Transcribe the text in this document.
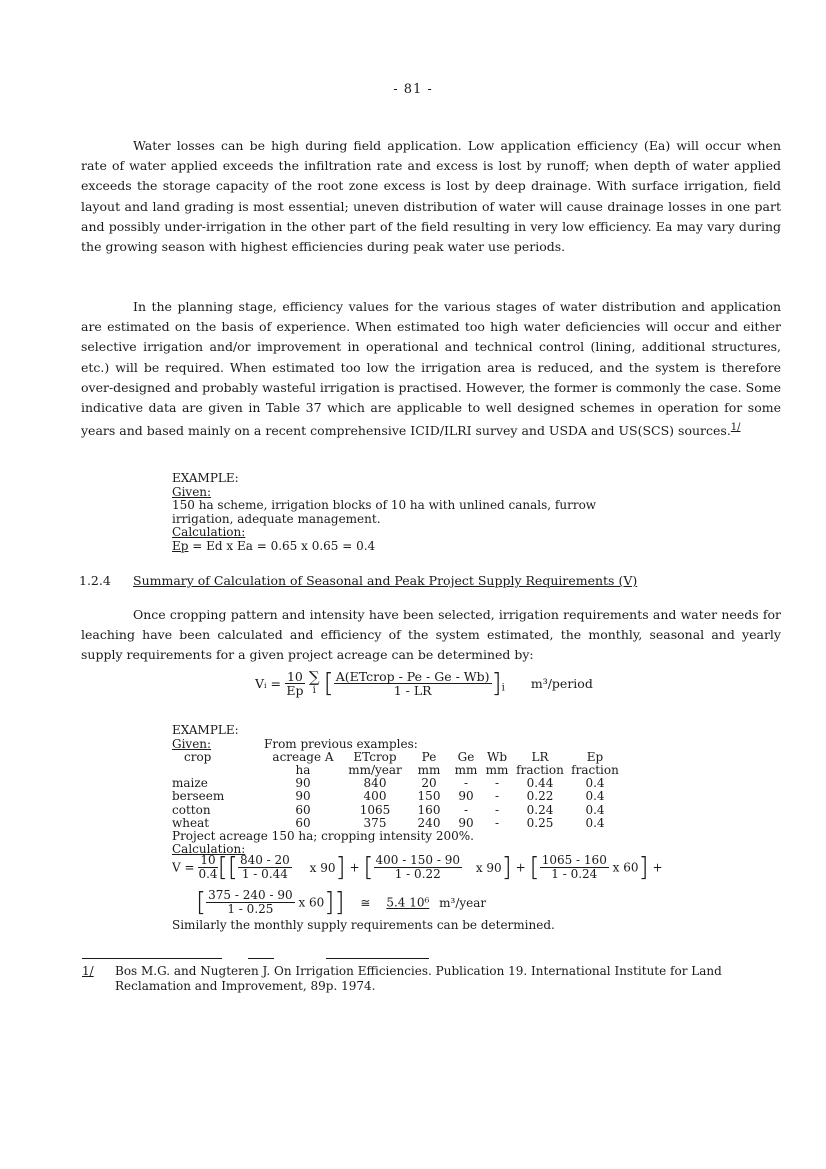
- 81 -

Water losses can be high during field application. Low application efficiency (Ea) will occur when rate of water applied exceeds the infiltration rate and excess is lost by runoff; when depth of water applied exceeds the storage capacity of the root zone excess is lost by deep drainage. With surface irrigation, field layout and land grading is most essential; uneven distribution of water will cause drainage losses in one part and possibly under-irrigation in the other part of the field resulting in very low efficiency. Ea may vary during the growing season with highest efficiencies during peak water use periods.

In the planning stage, efficiency values for the various stages of water distribution and application are estimated on the basis of experience. When estimated too high water deficiencies will occur and either selective irrigation and/or improvement in operational and technical control (lining, additional structures, etc.) will be required. When estimated too low the irrigation area is reduced, and the system is therefore over-designed and probably wasteful irrigation is practised. However, the former is commonly the case. Some indicative data are given in Table 37 which are applicable to well designed schemes in operation for some years and based mainly on a recent comprehensive ICID/ILRI survey and USDA and US(SCS) sources.$^{1/}$

EXAMPLE:
Given:
150 ha scheme, irrigation blocks of 10 ha with unlined canals, furrow
irrigation, adequate management.
Calculation:
Ep = Ed x Ea = 0.65 x 0.65 = 0.4
1.2.4 Summary of Calculation of Seasonal and Peak Project Supply Requirements (V)

Once cropping pattern and intensity have been selected, irrigation requirements and water needs for leaching have been calculated and efficiency of the system estimated, the monthly, seasonal and yearly supply requirements for a given project acreage can be determined by:

Vᵢ = $\frac{10}{Ep}$
∑
i [ $\frac{\text{A(ETcrop - Pe - Ge - Wb)}}{1 - LR} ]_i$ m³/period
EXAMPLE:
Given:	From previous examples:						
crop	acreage A	ETcrop	Pe	Ge	Wb	LR	Ep
	ha	mm/year	mm	mm	mm	fraction	fraction
maize	90	840	20	-	-	0.44	0.4
berseem	90	400	150	90	-	0.22	0.4
cotton	60	1065	160	-	-	0.24	0.4
wheat	60	375	240	90	-	0.25	0.4
Project acreage 150 ha; cropping intensity 200%.
Calculation:
$V = \frac{10}{0.4}$ [[ $\frac{840 - 20}{1 - 0.44}$ x 90] + [ $\frac{400 - 150 - 90}{1 - 0.22}$ x 90] + [ $\frac{1065 - 160}{1 - 0.24}$ x 60] +
[ $\frac{375 - 240 - 90}{1 - 0.25}$ x 60]] ≅ 5.4 10⁶ m³/year
Similarly the monthly supply requirements can be determined.
1/ Bos M.G. and Nugteren J. On Irrigation Efficiencies. Publication 19. International Institute for Land Reclamation and Improvement, 89p. 1974.
